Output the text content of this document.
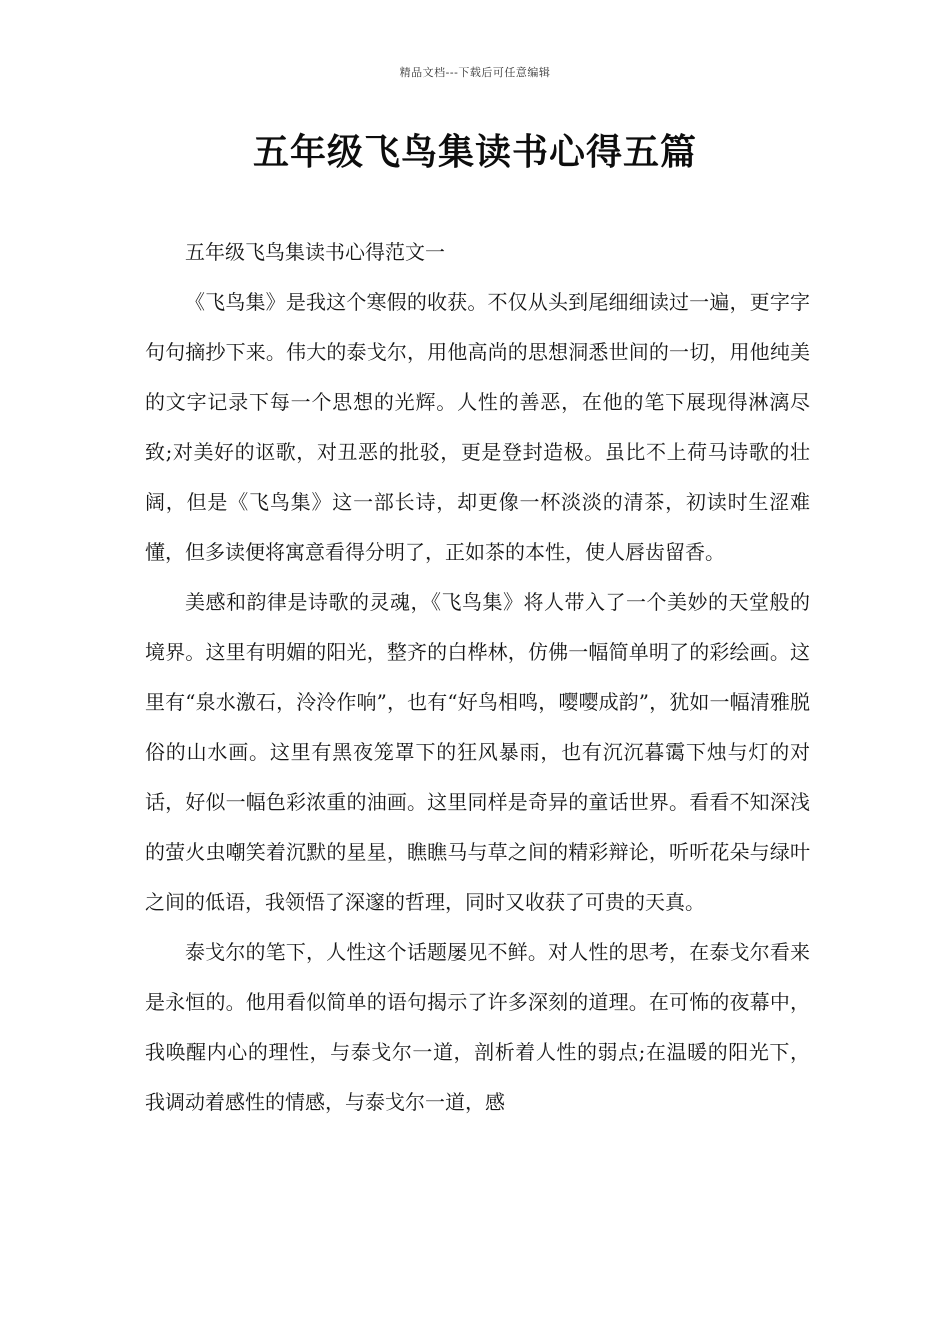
精品文档---下载后可任意编辑
五年级飞鸟集读书心得五篇

五年级飞鸟集读书心得范文一

《飞鸟集》是我这个寒假的收获。不仅从头到尾细细读过一遍，更字字句句摘抄下来。伟大的泰戈尔，用他高尚的思想洞悉世间的一切，用他纯美的文字记录下每一个思想的光辉。人性的善恶，在他的笔下展现得淋漓尽致;对美好的讴歌，对丑恶的批驳，更是登封造极。虽比不上荷马诗歌的壮阔，但是《飞鸟集》这一部长诗，却更像一杯淡淡的清茶，初读时生涩难懂，但多读便将寓意看得分明了，正如茶的本性，使人唇齿留香。

美感和韵律是诗歌的灵魂，《飞鸟集》将人带入了一个美妙的天堂般的境界。这里有明媚的阳光，整齐的白桦林，仿佛一幅简单明了的彩绘画。这里有“泉水激石，泠泠作响”，也有“好鸟相鸣，嘤嘤成韵”，犹如一幅清雅脱俗的山水画。这里有黑夜笼罩下的狂风暴雨，也有沉沉暮霭下烛与灯的对话，好似一幅色彩浓重的油画。这里同样是奇异的童话世界。看看不知深浅的萤火虫嘲笑着沉默的星星，瞧瞧马与草之间的精彩辩论，听听花朵与绿叶之间的低语，我领悟了深邃的哲理，同时又收获了可贵的天真。

泰戈尔的笔下，人性这个话题屡见不鲜。对人性的思考，在泰戈尔看来是永恒的。他用看似简单的语句揭示了许多深刻的道理。在可怖的夜幕中，我唤醒内心的理性，与泰戈尔一道，剖析着人性的弱点;在温暖的阳光下，我调动着感性的情感，与泰戈尔一道，感
